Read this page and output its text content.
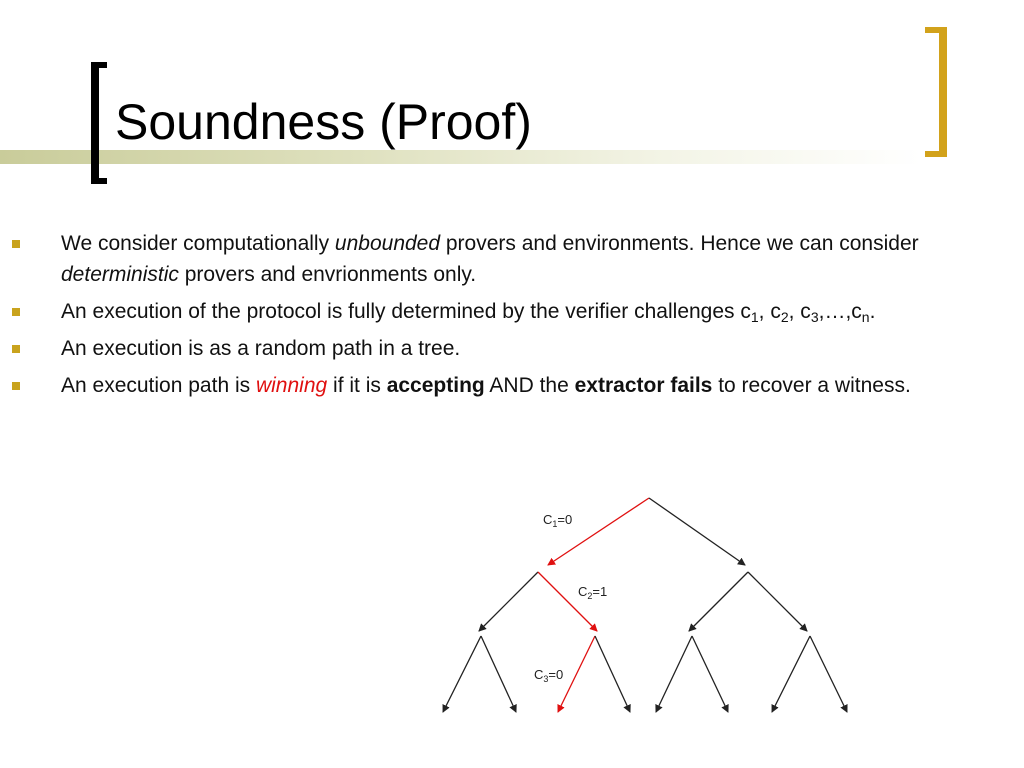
Soundness (Proof)
We consider computationally unbounded provers and environments. Hence we can consider deterministic provers and envrionments only.
An execution of the protocol is fully determined by the verifier challenges $c_1$, $c_2$, $c_3,\dots,c_n$.
An execution is as a random path in a tree.
An execution path is winning if it is accepting AND the extractor fails to recover a witness.
$C_1=0$
$C_2=1$
$C_3=0$
